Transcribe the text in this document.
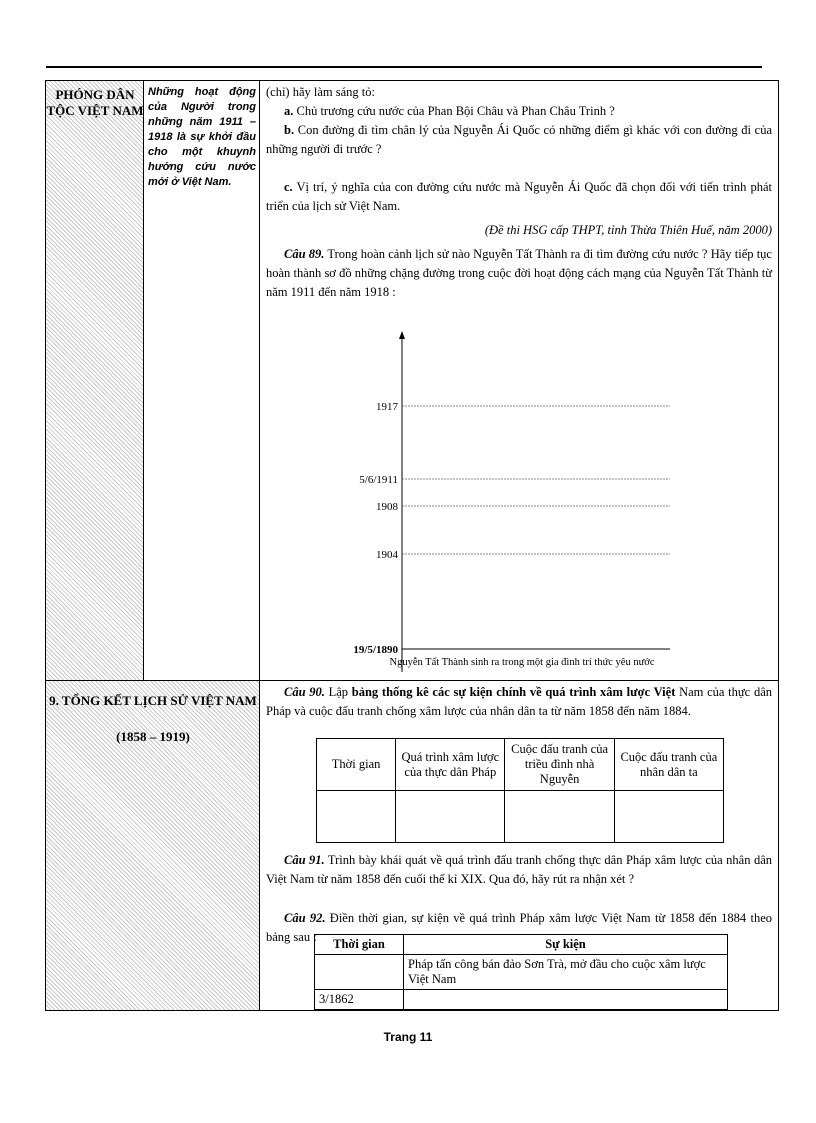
PHÓNG DÂN TỘC VIỆT NAM
Những hoạt động của Người trong những năm 1911 – 1918 là sự khởi đầu cho một khuynh hướng cứu nước mới ở Việt Nam.
(chỉ) hãy làm sáng tỏ:
a. Chủ trương cứu nước của Phan Bội Châu và Phan Châu Trinh ?
b. Con đường đi tìm chân lý của Nguyễn Ái Quốc có những điểm gì khác với con đường đi của những người đi trước ?
c. Vị trí, ý nghĩa của con đường cứu nước mà Nguyễn Ái Quốc đã chọn đối với tiến trình phát triển của lịch sử Việt Nam.
(Đề thi HSG cấp THPT, tỉnh Thừa Thiên Huế, năm 2000)
Câu 89. Trong hoàn cảnh lịch sử nào Nguyễn Tất Thành ra đi tìm đường cứu nước ? Hãy tiếp tục hoàn thành sơ đồ những chặng đường trong cuộc đời hoạt động cách mạng của Nguyễn Tất Thành từ năm 1911 đến năm 1918 :
19/5/1890
1904
1908
5/6/1911
1917
Nguyễn Tất Thành sinh ra trong một gia đình trí thức yêu nước
9. TỔNG KẾT LỊCH SỬ VIỆT NAM
(1858 – 1919)
Câu 90. Lập bảng thống kê các sự kiện chính về quá trình xâm lược Việt Nam của thực dân Pháp và cuộc đấu tranh chống xâm lược của nhân dân ta từ năm 1858 đến năm 1884.
Thời gian	Quá trình xâm lược của thực dân Pháp	Cuộc đấu tranh của triều đình nhà Nguyễn	Cuộc đấu tranh của nhân dân ta

Câu 91. Trình bày khái quát về quá trình đấu tranh chống thực dân Pháp xâm lược của nhân dân Việt Nam từ năm 1858 đến cuối thế kỉ XIX. Qua đó, hãy rút ra nhận xét ?
Câu 92. Điền thời gian, sự kiện về quá trình Pháp xâm lược Việt Nam từ 1858 đến 1884 theo bảng sau :	Thời gian	Sự kiện
	Pháp tấn công bán đảo Sơn Trà, mở đầu cho cuộc xâm lược Việt Nam
3/1862	
Trang 11
